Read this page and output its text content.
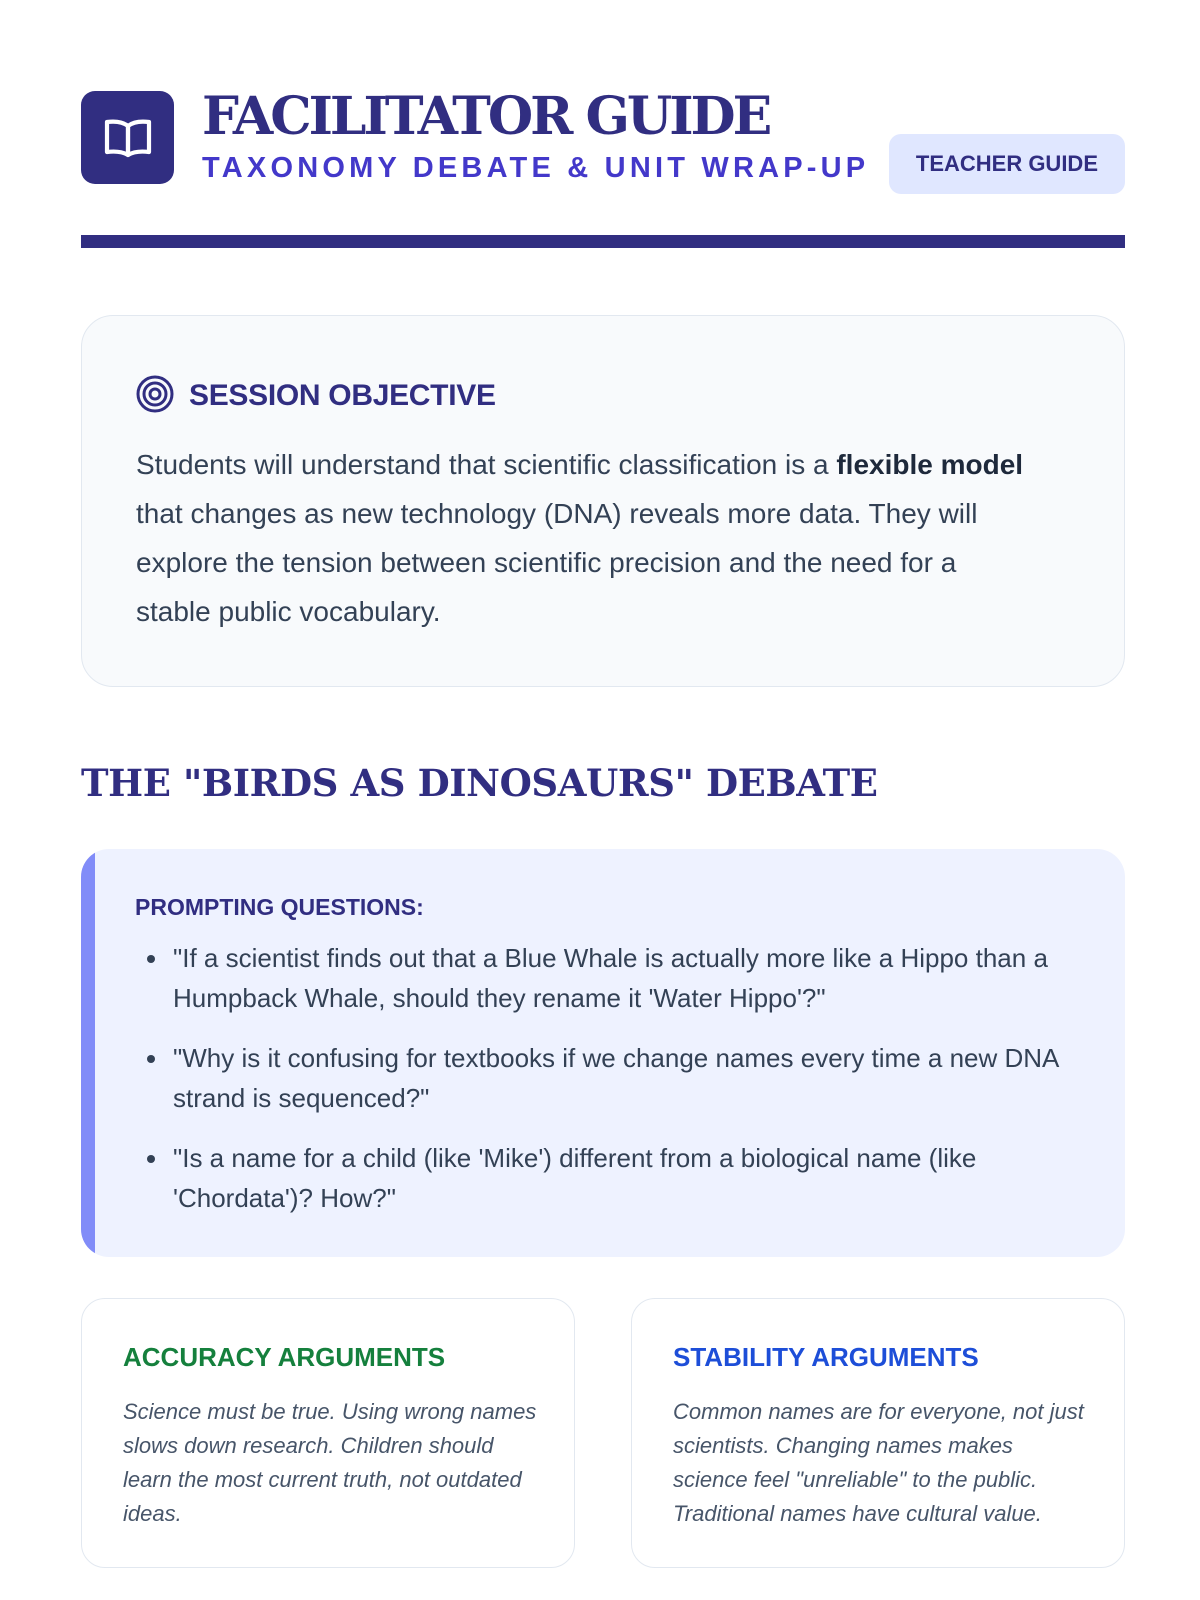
FACILITATOR GUIDE
TAXONOMY DEBATE & UNIT WRAP-UP	TEACHER GUIDE
SESSION OBJECTIVE

Students will understand that scientific classification is a flexible model that changes as new technology (DNA) reveals more data. They will explore the tension between scientific precision and the need for a stable public vocabulary.

THE "BIRDS AS DINOSAURS" DEBATE
PROMPTING QUESTIONS:
"If a scientist finds out that a Blue Whale is actually more like a Hippo than a Humpback Whale, should they rename it 'Water Hippo'?"
"Why is it confusing for textbooks if we change names every time a new DNA strand is sequenced?"
"Is a name for a child (like 'Mike') different from a biological name (like 'Chordata')? How?"
ACCURACY ARGUMENTS

Science must be true. Using wrong names slows down research. Children should learn the most current truth, not outdated ideas.

STABILITY ARGUMENTS

Common names are for everyone, not just scientists. Changing names makes science feel "unreliable" to the public. Traditional names have cultural value.
